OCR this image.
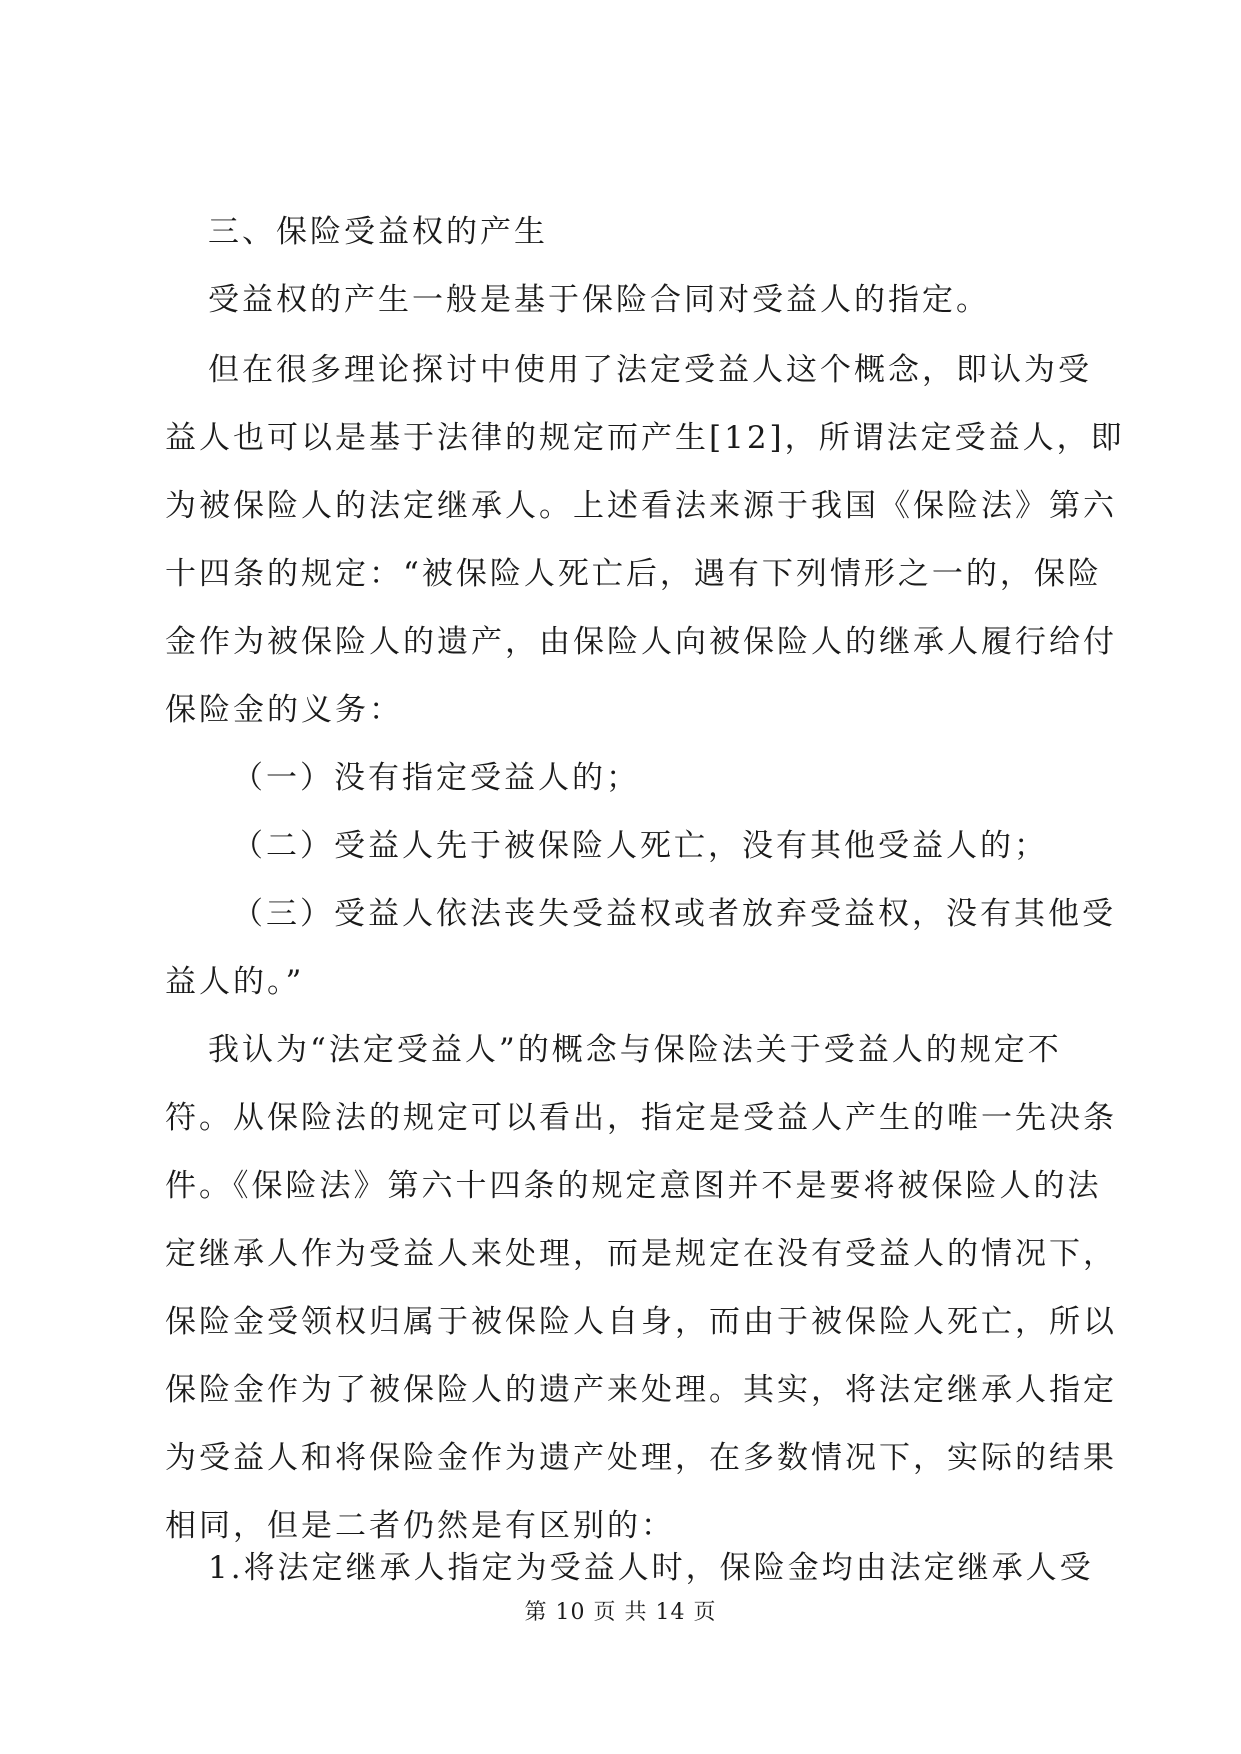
三、保险受益权的产生
受益权的产生一般是基于保险合同对受益人的指定。
但在很多理论探讨中使用了法定受益人这个概念，即认为受
益人也可以是基于法律的规定而产生[12]，所谓法定受益人，即
为被保险人的法定继承人。上述看法来源于我国《保险法》第六
十四条的规定：“被保险人死亡后，遇有下列情形之一的，保险
金作为被保险人的遗产，由保险人向被保险人的继承人履行给付
保险金的义务：
（一）没有指定受益人的；
（二）受益人先于被保险人死亡，没有其他受益人的；
（三）受益人依法丧失受益权或者放弃受益权，没有其他受
益人的。”
我认为“法定受益人”的概念与保险法关于受益人的规定不
符。从保险法的规定可以看出，指定是受益人产生的唯一先决条
件。《保险法》第六十四条的规定意图并不是要将被保险人的法
定继承人作为受益人来处理，而是规定在没有受益人的情况下，
保险金受领权归属于被保险人自身，而由于被保险人死亡，所以
保险金作为了被保险人的遗产来处理。其实，将法定继承人指定
为受益人和将保险金作为遗产处理，在多数情况下，实际的结果
相同，但是二者仍然是有区别的：
1.将法定继承人指定为受益人时，保险金均由法定继承人受
第 10 页 共 14 页
